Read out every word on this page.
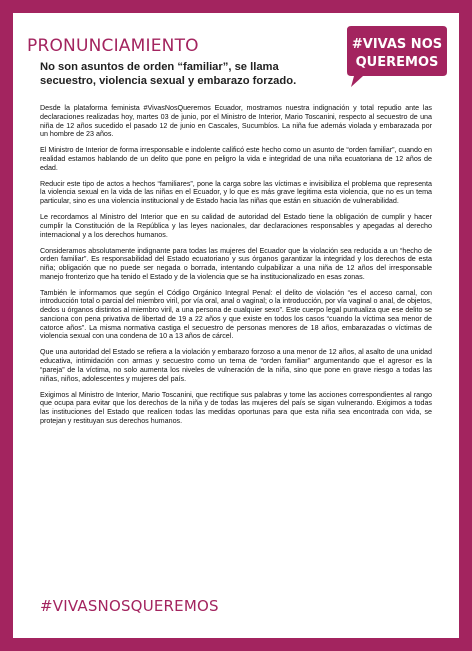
PRONUNCIAMIENTO
No son asuntos de orden “familiar”, se llama secuestro, violencia sexual y embarazo forzado.
#VIVAS NOS
QUEREMOS

Desde la plataforma feminista #VivasNosQueremos Ecuador, mostramos nuestra indignación y total repudio ante las declaraciones realizadas hoy, martes 03 de junio, por el Ministro de Interior, Mario Toscanini, respecto al secuestro de una niña de 12 años sucedido el pasado 12 de junio en Cascales, Sucumbíos. La niña fue además violada y embarazada por un hombre de 23 años.

El Ministro de Interior de forma irresponsable e indolente calificó este hecho como un asunto de “orden familiar”, cuando en realidad estamos hablando de un delito que pone en peligro la vida e integridad de una niña ecuatoriana de 12 años de edad.

Reducir este tipo de actos a hechos “familiares”, pone la carga sobre las víctimas e invisibiliza el problema que representa la violencia sexual en la vida de las niñas en el Ecuador, y lo que es más grave legitima esta violencia, que no es un tema particular, sino es una violencia institucional y de Estado hacia las niñas que están en situación de vulnerabilidad.

Le recordamos al Ministro del Interior que en su calidad de autoridad del Estado tiene la obligación de cumplir y hacer cumplir la Constitución de la República y las leyes nacionales, dar declaraciones responsables y apegadas al derecho internacional y a los derechos humanos.

Consideramos absolutamente indignante para todas las mujeres del Ecuador que la violación sea reducida a un “hecho de orden familiar”. Es responsabilidad del Estado ecuatoriano y sus órganos garantizar la integridad y los derechos de esta niña; obligación que no puede ser negada o borrada, intentando culpabilizar a una niña de 12 años del irresponsable manejo fronterizo que ha tenido el Estado y de la violencia que se ha institucionalizado en esas zonas.

También le informamos que según el Código Orgánico Integral Penal: el delito de violación “es el acceso carnal, con introducción total o parcial del miembro viril, por vía oral, anal o vaginal; o la introducción, por vía vaginal o anal, de objetos, dedos u órganos distintos al miembro viril, a una persona de cualquier sexo”. Este cuerpo legal puntualiza que ese delito se sanciona con pena privativa de libertad de 19 a 22 años y que existe en todos los casos “cuando la víctima sea menor de catorce años”. La misma normativa castiga el secuestro de personas menores de 18 años, embarazadas o víctimas de violencia sexual con una condena de 10 a 13 años de cárcel.

Que una autoridad del Estado se refiera a la violación y embarazo forzoso a una menor de 12 años, al asalto de una unidad educativa, intimidación con armas y secuestro como un tema de “orden familiar” argumentando que el agresor es la “pareja” de la víctima, no solo aumenta los niveles de vulneración de la niña, sino que pone en grave riesgo a todas las niñas, niños, adolescentes y mujeres del país.

Exigimos al Ministro de Interior, Mario Toscanini, que rectifique sus palabras y tome las acciones correspondientes al rango que ocupa para evitar que los derechos de la niña y de todas las mujeres del país se sigan vulnerando. Exigimos a todas las instituciones del Estado que realicen todas las medidas oportunas para que esta niña sea encontrada con vida, se protejan y restituyan sus derechos humanos.

#VIVASNOSQUEREMOS
